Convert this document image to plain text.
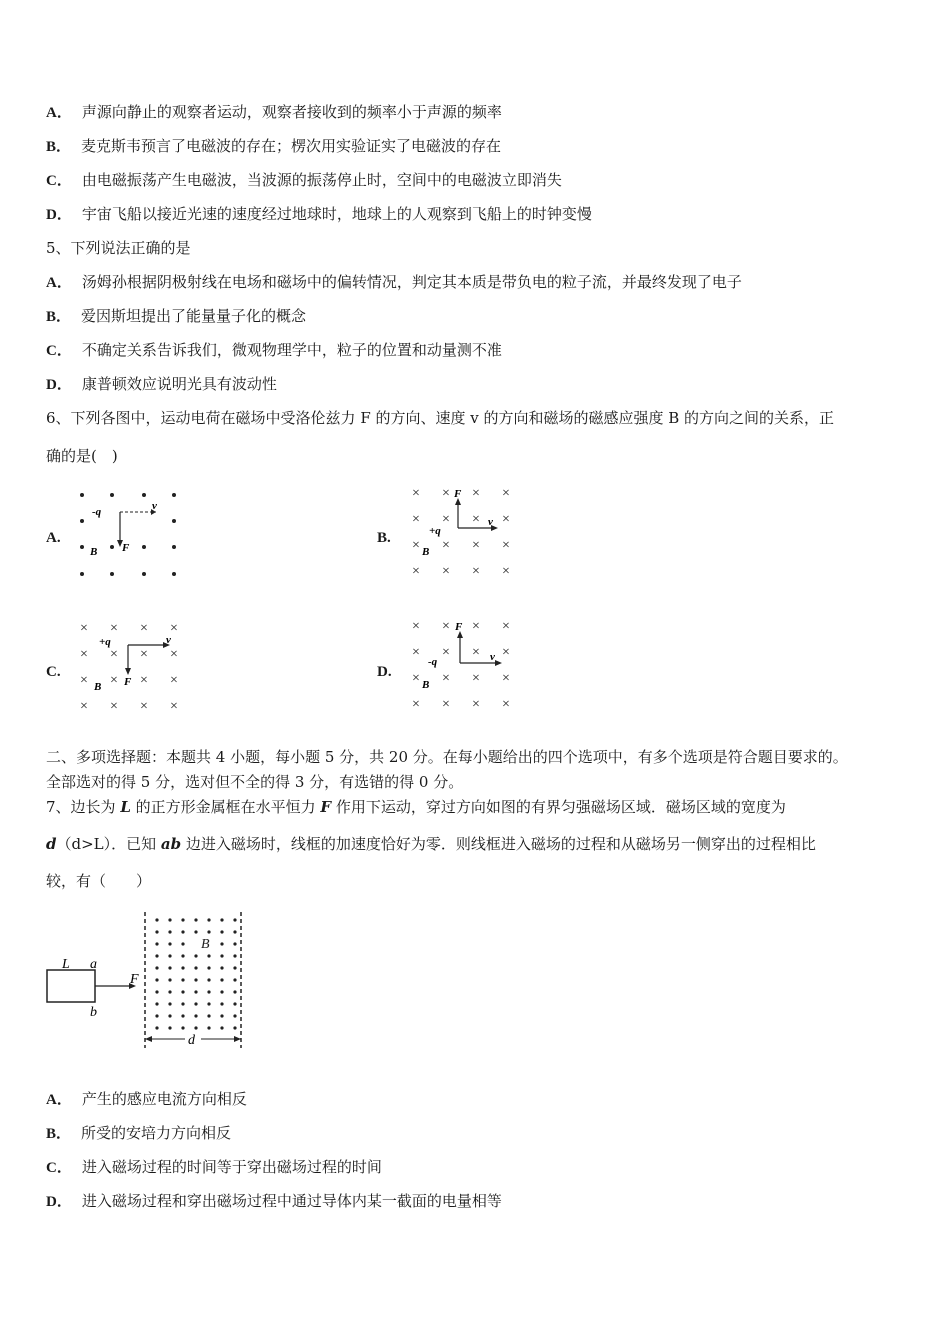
A． 声源向静止的观察者运动，观察者接收到的频率小于声源的频率
B． 麦克斯韦预言了电磁波的存在；楞次用实验证实了电磁波的存在
C． 由电磁振荡产生电磁波，当波源的振荡停止时，空间中的电磁波立即消失
D． 宇宙飞船以接近光速的速度经过地球时，地球上的人观察到飞船上的时钟变慢
5、下列说法正确的是
A． 汤姆孙根据阴极射线在电场和磁场中的偏转情况，判定其本质是带负电的粒子流，并最终发现了电子
B． 爱因斯坦提出了能量量子化的概念
C． 不确定关系告诉我们，微观物理学中，粒子的位置和动量测不准
D． 康普顿效应说明光具有波动性
6、下列各图中，运动电荷在磁场中受洛伦兹力 F 的方向、速度 v 的方向和磁场的磁感应强度 B 的方向之间的关系，正
确的是(　)
A.
-q	v
F
B
B.
× × × ×
× × × ×
× × × ×
× × × ×
+q
F
v
B
C.
× × × ×
× × × ×
× × × ×
× × × ×
+q	v
F
B
D.
× × × ×
× × × ×
× × × ×
× × × ×
-q
F
v
B
二、多项选择题：本题共 4 小题，每小题 5 分，共 20 分。在每小题给出的四个选项中，有多个选项是符合题目要求的。
全部选对的得 5 分，选对但不全的得 3 分，有选错的得 0 分。
7、边长为 L 的正方形金属框在水平恒力 F 作用下运动，穿过方向如图的有界匀强磁场区域．磁场区域的宽度为
d（d>L）．已知 ab 边进入磁场时，线框的加速度恰好为零．则线框进入磁场的过程和从磁场另一侧穿出的过程相比
较，有（　　）
L a
b
F
B
d
A． 产生的感应电流方向相反
B． 所受的安培力方向相反
C． 进入磁场过程的时间等于穿出磁场过程的时间
D． 进入磁场过程和穿出磁场过程中通过导体内某一截面的电量相等
